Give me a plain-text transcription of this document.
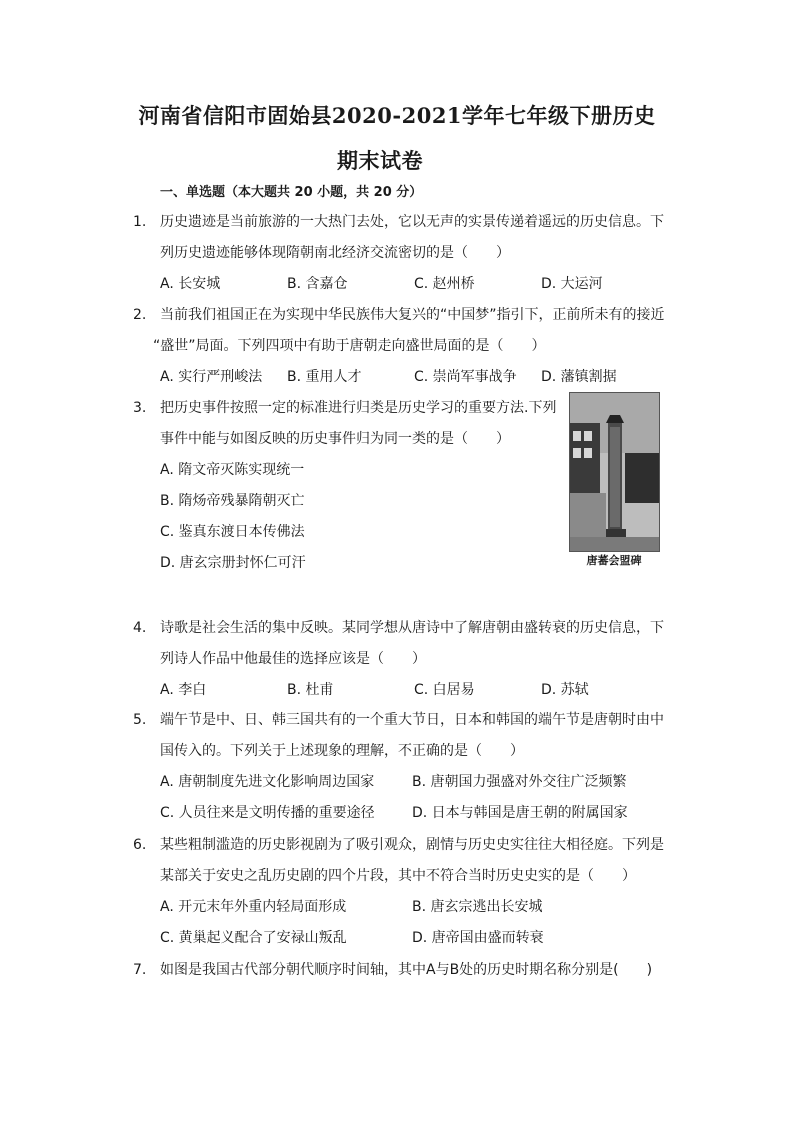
河南省信阳市固始县2020-2021学年七年级下册历史
期末试卷
一、单选题（本大题共 20 小题，共 20 分）
1. 历史遗迹是当前旅游的一大热门去处，它以无声的实景传递着遥远的历史信息。下
列历史遗迹能够体现隋朝南北经济交流密切的是（　　）
A. 长安城	B. 含嘉仓	C. 赵州桥	D. 大运河
2. 当前我们祖国正在为实现中华民族伟大复兴的“中国梦”指引下，正前所未有的接近
“盛世”局面。下列四项中有助于唐朝走向盛世局面的是（　　）
A. 实行严刑峻法	B. 重用人才	C. 崇尚军事战争	D. 藩镇割据
3. 把历史事件按照一定的标准进行归类是历史学习的重要方法.下列
事件中能与如图反映的历史事件归为同一类的是（　　）
A. 隋文帝灭陈实现统一
B. 隋炀帝残暴隋朝灭亡
C. 鉴真东渡日本传佛法
D. 唐玄宗册封怀仁可汗	唐蕃会盟碑
4. 诗歌是社会生活的集中反映。某同学想从唐诗中了解唐朝由盛转衰的历史信息，下
列诗人作品中他最佳的选择应该是（　　）
A. 李白	B. 杜甫	C. 白居易	D. 苏轼
5. 端午节是中、日、韩三国共有的一个重大节日，日本和韩国的端午节是唐朝时由中
国传入的。下列关于上述现象的理解，不正确的是（　　）
A. 唐朝制度先进文化影响周边国家	B. 唐朝国力强盛对外交往广泛频繁
C. 人员往来是文明传播的重要途径	D. 日本与韩国是唐王朝的附属国家
6. 某些粗制滥造的历史影视剧为了吸引观众，剧情与历史史实往往大相径庭。下列是
某部关于安史之乱历史剧的四个片段，其中不符合当时历史史实的是（　　）
A. 开元末年外重内轻局面形成	B. 唐玄宗逃出长安城
C. 黄巢起义配合了安禄山叛乱	D. 唐帝国由盛而转衰
7. 如图是我国古代部分朝代顺序时间轴，其中A与B处的历史时期名称分别是(　　)
